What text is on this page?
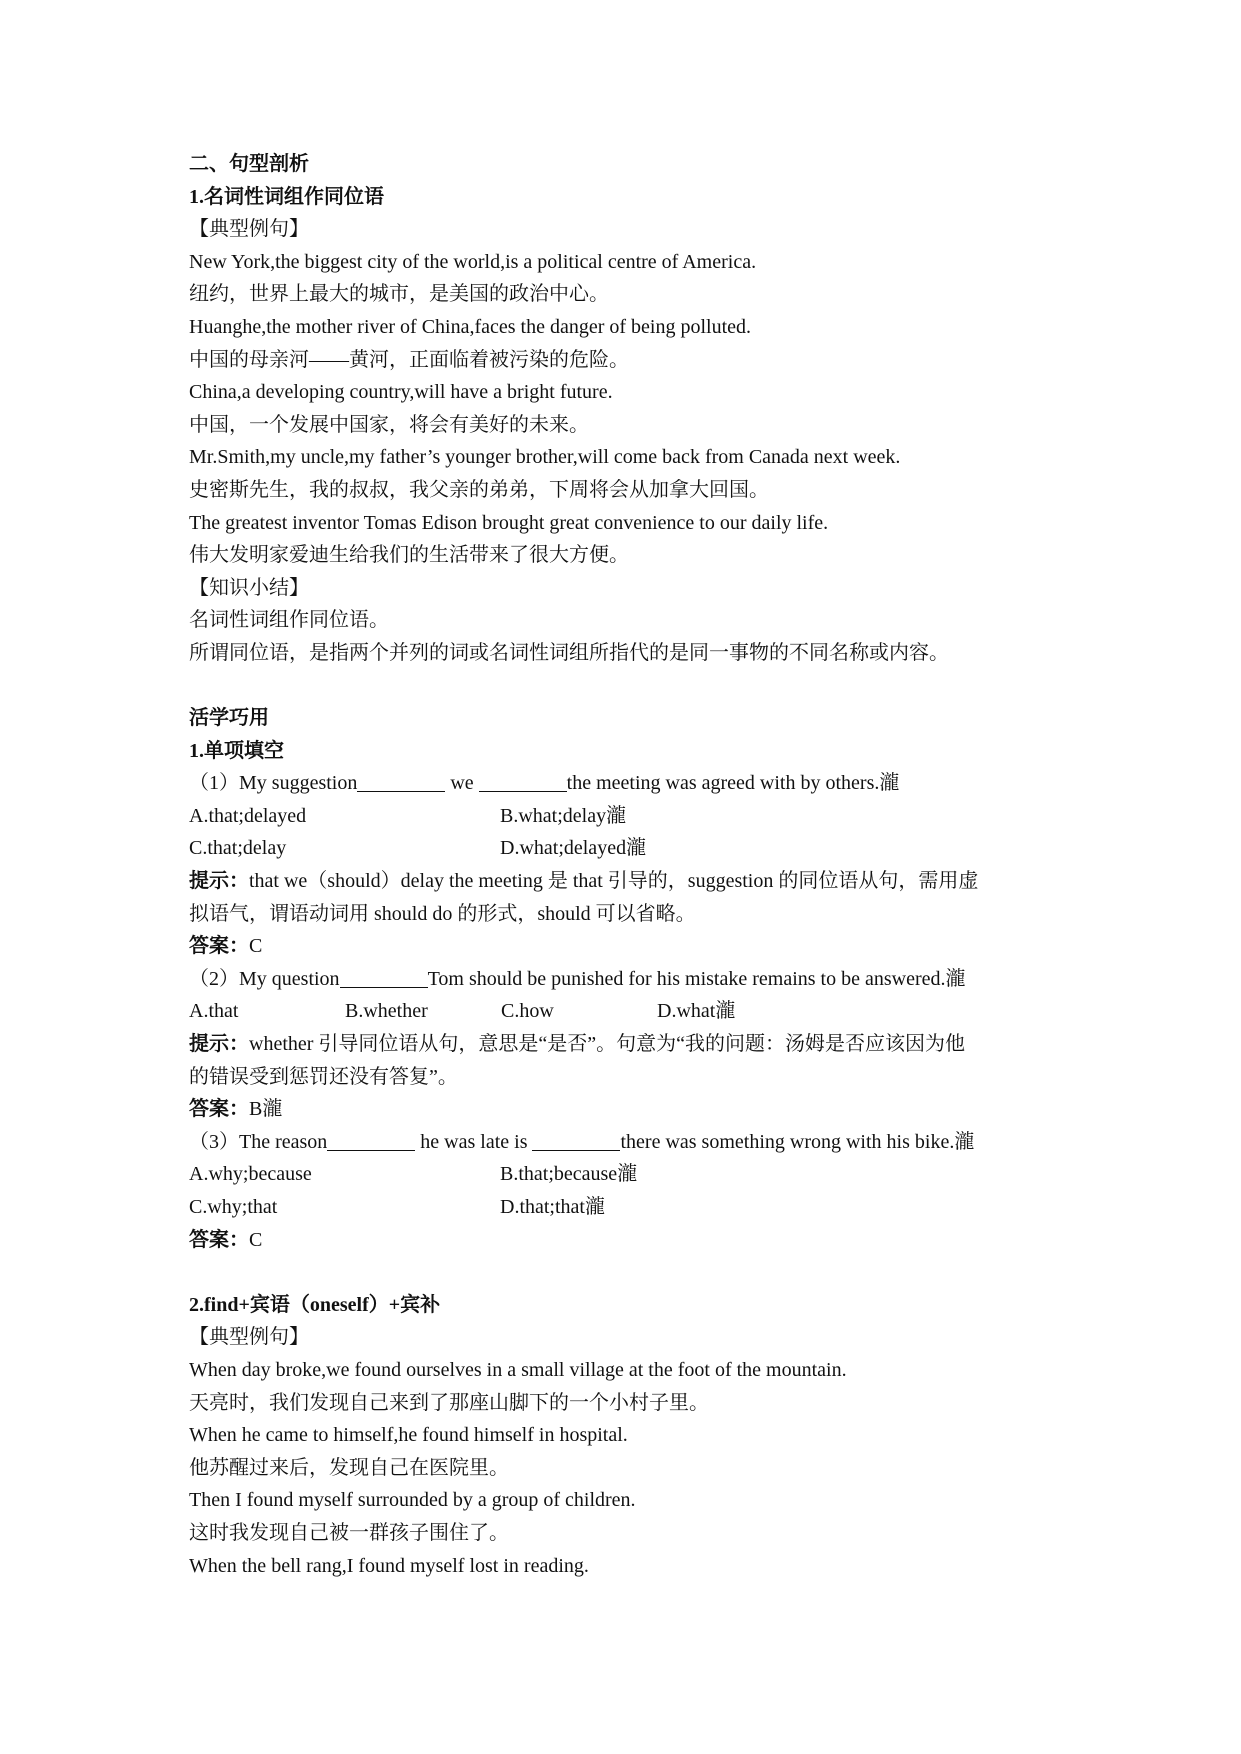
二、句型剖析
1.名词性词组作同位语
【典型例句】
New York,the biggest city of the world,is a political centre of America.
纽约，世界上最大的城市，是美国的政治中心。
Huanghe,the mother river of China,faces the danger of being polluted.
中国的母亲河——黄河，正面临着被污染的危险。
China,a developing country,will have a bright future.
中国，一个发展中国家，将会有美好的未来。
Mr.Smith,my uncle,my father’s younger brother,will come back from Canada next week.
史密斯先生，我的叔叔，我父亲的弟弟，下周将会从加拿大回国。
The greatest inventor Tomas Edison brought great convenience to our daily life.
伟大发明家爱迪生给我们的生活带来了很大方便。
【知识小结】
名词性词组作同位语。
所谓同位语，是指两个并列的词或名词性词组所指代的是同一事物的不同名称或内容。
活学巧用
1.单项填空
（1）My suggestion	we	the meeting was agreed with by others.瀧
A.that;delayed	B.what;delay瀧
C.that;delay	D.what;delayed瀧
提示：that we（should）delay the meeting 是 that 引导的，suggestion 的同位语从句，需用虚
拟语气，谓语动词用 should do 的形式，should 可以省略。
答案：C
（2）My question	Tom should be punished for his mistake remains to be answered.瀧
A.that	B.whether	C.how	D.what瀧
提示：whether 引导同位语从句，意思是“是否”。句意为“我的问题：汤姆是否应该因为他
的错误受到惩罚还没有答复”。
答案：B瀧
（3）The reason	he was late is	there was something wrong with his bike.瀧
A.why;because	B.that;because瀧
C.why;that	D.that;that瀧
答案：C
2.find+宾语（oneself）+宾补
【典型例句】
When day broke,we found ourselves in a small village at the foot of the mountain.
天亮时，我们发现自己来到了那座山脚下的一个小村子里。
When he came to himself,he found himself in hospital.
他苏醒过来后，发现自己在医院里。
Then I found myself surrounded by a group of children.
这时我发现自己被一群孩子围住了。
When the bell rang,I found myself lost in reading.
